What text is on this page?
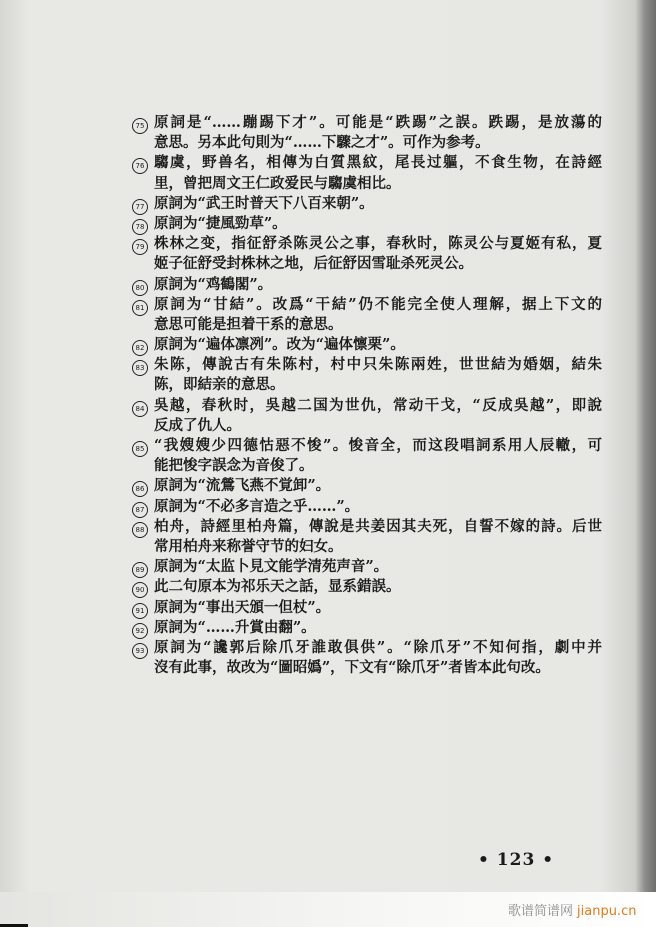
75 原詞是“……蹦踢下才”。可能是“跌踢”之誤。跌踢，是放蕩的
意思。另本此句則为“……下驟之才”。可作为参考。
76 騶虞，野兽名，相傳为白質黑紋，尾長过軀，不食生物，在詩經
里，曾把周文王仁政爱民与騶虞相比。
77 原詞为“武王时普天下八百来朝”。
78 原詞为“捷風勁草”。
79 株林之变，指征舒杀陈灵公之事，春秋时，陈灵公与夏姬有私，夏
姬子征舒受封株林之地，后征舒因雪耻杀死灵公。
80 原詞为“鸡鶴閣”。
81 原詞为“甘結”。改爲“干結”仍不能完全使人理解，据上下文的
意思可能是担着干系的意思。
82 原詞为“遍体凛冽”。改为“遍体懔栗”。
83 朱陈，傳說古有朱陈村，村中只朱陈兩姓，世世結为婚姻，結朱
陈，即結亲的意思。
84 吳越，春秋时，吳越二国为世仇，常动干戈，“反成吳越”，即說
反成了仇人。
85 “我嫂嫂少四德怙惡不悛”。悛音全，而这段唱詞系用人辰轍，可
能把悛字誤念为音俊了。
86 原詞为“流鶯飞燕不覚卸”。
87 原詞为“不必多言造之乎……”。
88 柏舟，詩經里柏舟篇，傳說是共姜因其夫死，自誓不嫁的詩。后世
常用柏舟来称誉守节的妇女。
89 原詞为“太监卜見文能学清苑声音”。
90 此二句原本为祁乐天之話，显系錯誤。
91 原詞为“事出天頒一但杖”。
92 原詞为“……升賞由翻”。
93 原詞为“讒郭后除爪牙誰敢俱供”。“除爪牙”不知何指，劇中并
沒有此事，故改为“圖昭嬀”，下文有“除爪牙”者皆本此句改。
• 123 •
歌谱简谱网 jianpu.cn
